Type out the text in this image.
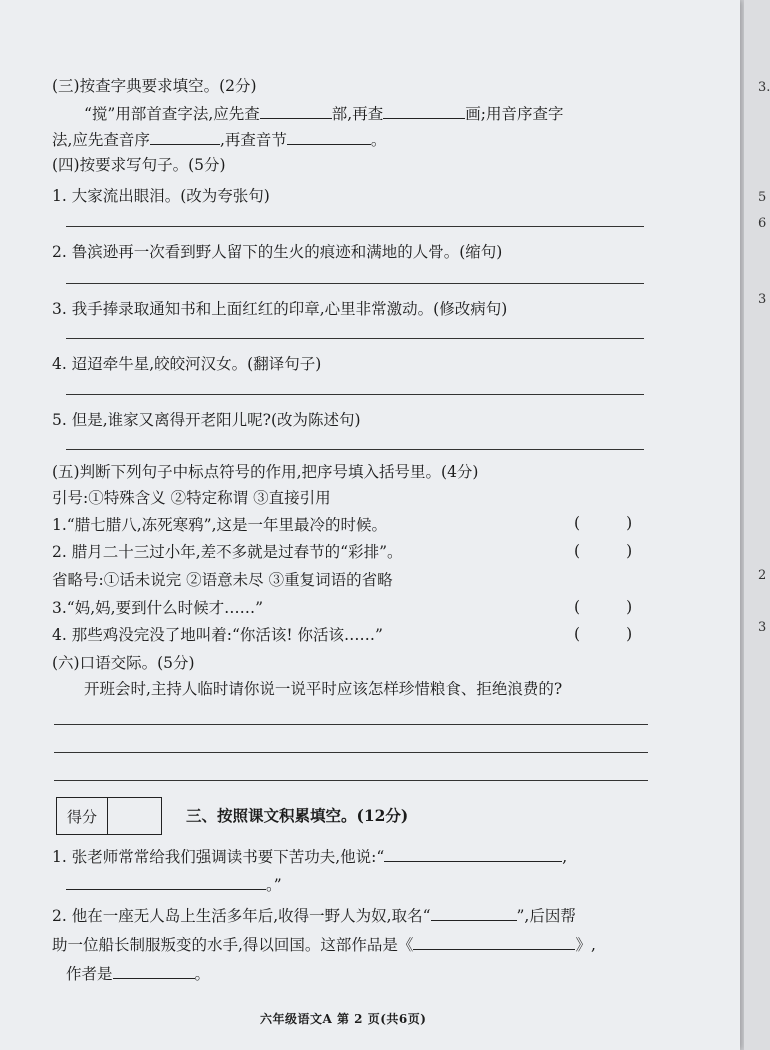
(三)按查字典要求填空。(2分)
“搅”用部首查字法,应先查	部,再查	画;用音序查字
法,应先查音序	,再查音节	。
(四)按要求写句子。(5分)
1. 大家流出眼泪。(改为夸张句)
2. 鲁滨逊再一次看到野人留下的生火的痕迹和满地的人骨。(缩句)
3. 我手捧录取通知书和上面红红的印章,心里非常激动。(修改病句)
4. 迢迢牵牛星,皎皎河汉女。(翻译句子)
5. 但是,谁家又离得开老阳儿呢?(改为陈述句)
(五)判断下列句子中标点符号的作用,把序号填入括号里。(4分)
引号:①特殊含义 ②特定称谓 ③直接引用
1.“腊七腊八,冻死寒鸦”,这是一年里最冷的时候。	(	)
2. 腊月二十三过小年,差不多就是过春节的“彩排”。	(	)
省略号:①话未说完 ②语意未尽 ③重复词语的省略
3.“妈,妈,要到什么时候才……”	(	)
4. 那些鸡没完没了地叫着:“你活该! 你活该……”	(	)
(六)口语交际。(5分)
开班会时,主持人临时请你说一说平时应该怎样珍惜粮食、拒绝浪费的?
得分	三、按照课文积累填空。(12分)
1. 张老师常常给我们强调读书要下苦功夫,他说:“	,
。”
2. 他在一座无人岛上生活多年后,收得一野人为奴,取名“	”,后因帮
助一位船长制服叛变的水手,得以回国。这部作品是《	》,
作者是	。
六年级语文A 第 2 页(共6页)
3.
5
6
3
2
3
